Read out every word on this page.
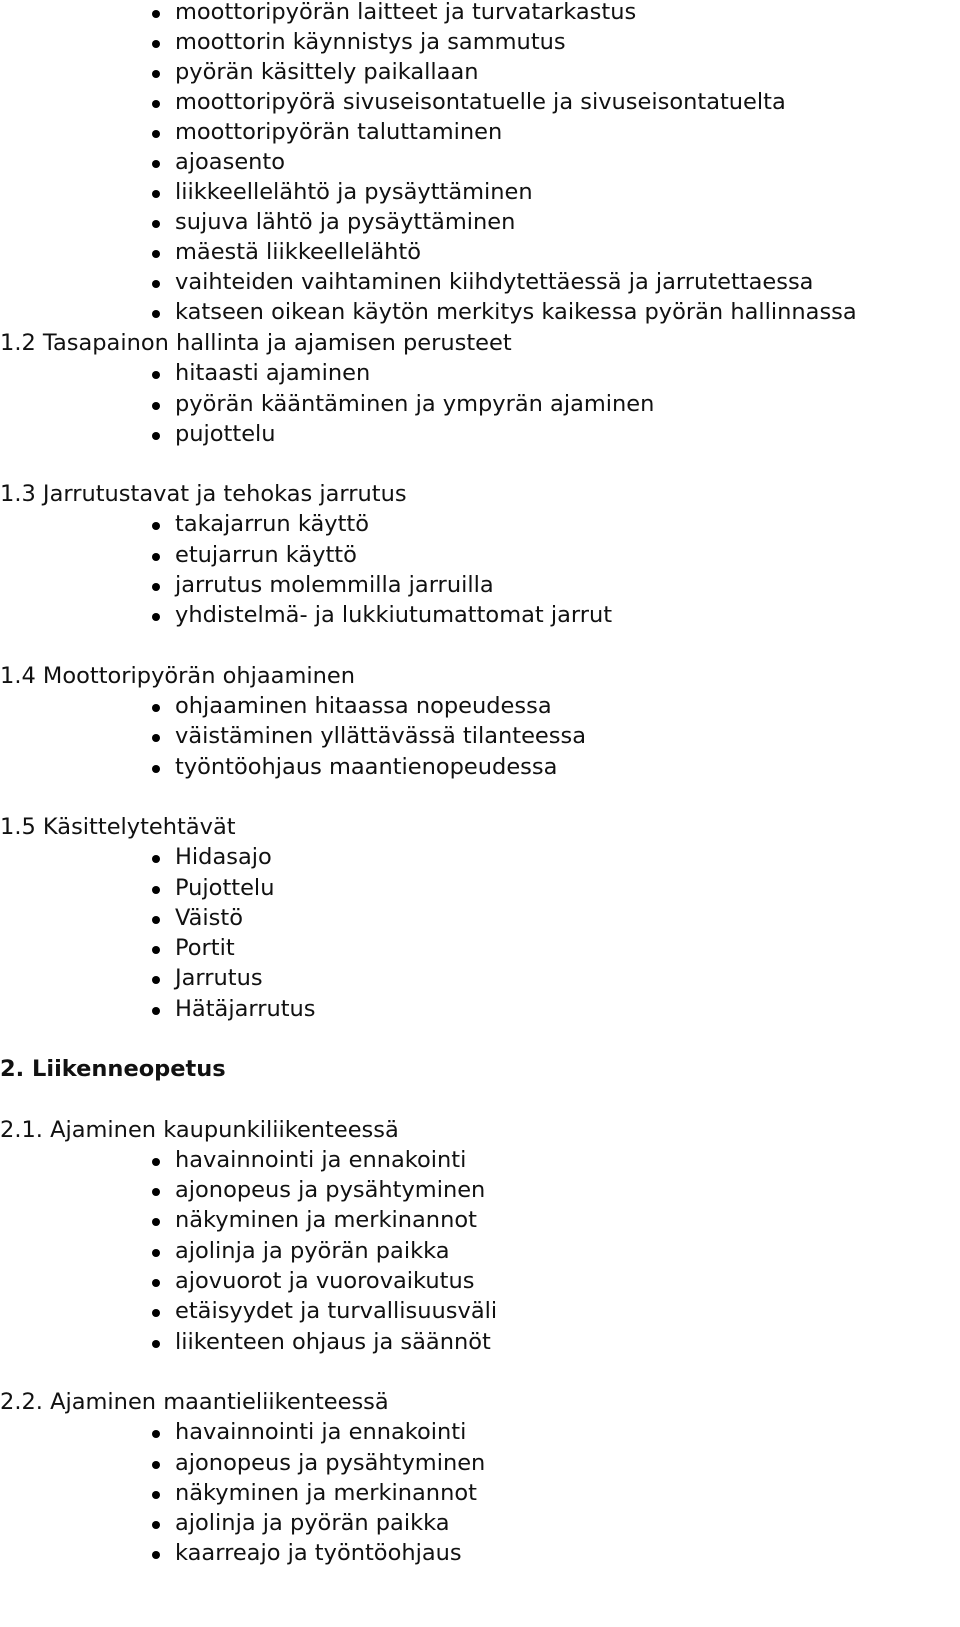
moottoripyörän laitteet ja turvatarkastus
moottorin käynnistys ja sammutus
pyörän käsittely paikallaan
moottoripyörä sivuseisontatuelle ja sivuseisontatuelta
moottoripyörän taluttaminen
ajoasento
liikkeellelähtö ja pysäyttäminen
sujuva lähtö ja pysäyttäminen
mäestä liikkeellelähtö
vaihteiden vaihtaminen kiihdytettäessä ja jarrutettaessa
katseen oikean käytön merkitys kaikessa pyörän hallinnassa
1.2 Tasapainon hallinta ja ajamisen perusteet
hitaasti ajaminen
pyörän kääntäminen ja ympyrän ajaminen
pujottelu
1.3 Jarrutustavat ja tehokas jarrutus
takajarrun käyttö
etujarrun käyttö
jarrutus molemmilla jarruilla
yhdistelmä- ja lukkiutumattomat jarrut
1.4 Moottoripyörän ohjaaminen
ohjaaminen hitaassa nopeudessa
väistäminen yllättävässä tilanteessa
työntöohjaus maantienopeudessa
1.5 Käsittelytehtävät
Hidasajo
Pujottelu
Väistö
Portit
Jarrutus
Hätäjarrutus
2. Liikenneopetus
2.1. Ajaminen kaupunkiliikenteessä
havainnointi ja ennakointi
ajonopeus ja pysähtyminen
näkyminen ja merkinannot
ajolinja ja pyörän paikka
ajovuorot ja vuorovaikutus
etäisyydet ja turvallisuusväli
liikenteen ohjaus ja säännöt
2.2. Ajaminen maantieliikenteessä
havainnointi ja ennakointi
ajonopeus ja pysähtyminen
näkyminen ja merkinannot
ajolinja ja pyörän paikka
kaarreajo ja työntöohjaus
